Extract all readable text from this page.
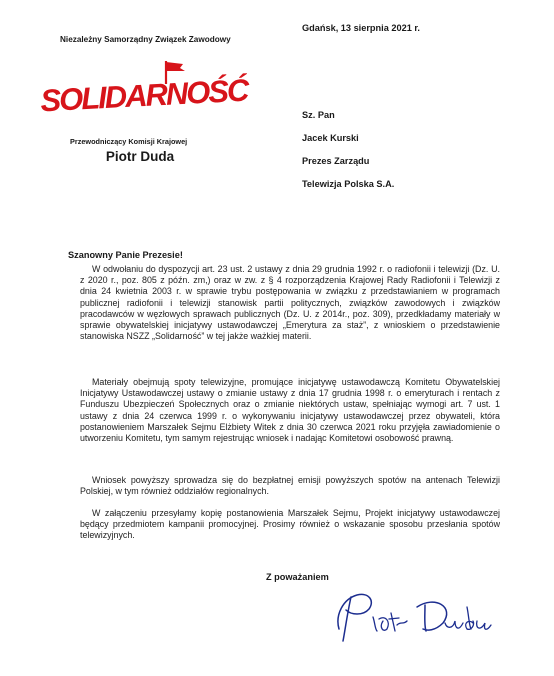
Niezależny Samorządny Związek Zawodowy
SOLIDARNOŚĆ
Przewodniczący Komisji Krajowej
Piotr Duda
Gdańsk, 13 sierpnia 2021 r.
Sz. Pan
Jacek Kurski
Prezes Zarządu
Telewizja Polska S.A.
Szanowny Panie Prezesie!
W odwołaniu do dyspozycji art. 23 ust. 2 ustawy z dnia 29 grudnia 1992 r. o radiofonii i telewizji (Dz. U. z 2020 r., poz. 805 z późn. zm,) oraz w zw. z § 4 rozporządzenia Krajowej Rady Radiofonii i Telewizji z dnia 24 kwietnia 2003 r. w sprawie trybu postępowania w związku z przedstawianiem w programach publicznej radiofonii i telewizji stanowisk partii politycznych, związków zawodowych i związków pracodawców w węzłowych sprawach publicznych (Dz. U. z 2014r., poz. 309), przedkładamy materiały w sprawie obywatelskiej inicjatywy ustawodawczej „Emerytura za staż”, z wnioskiem o przedstawienie stanowiska NSZZ „Solidarność” w tej jakże ważkiej materii.
Materiały obejmują spoty telewizyjne, promujące inicjatywę ustawodawczą Komitetu Obywatelskiej Inicjatywy Ustawodawczej ustawy o zmianie ustawy z dnia 17 grudnia 1998 r. o emeryturach i rentach z Funduszu Ubezpieczeń Społecznych oraz o zmianie niektórych ustaw, spełniając wymogi art. 7 ust. 1 ustawy z dnia 24 czerwca 1999 r. o wykonywaniu inicjatywy ustawodawczej przez obywateli, która postanowieniem Marszałek Sejmu Elżbiety Witek z dnia 30 czerwca 2021 roku przyjęła zawiadomienie o utworzeniu Komitetu, tym samym rejestrując wniosek i nadając Komitetowi osobowość prawną.
Wniosek powyższy sprowadza się do bezpłatnej emisji powyższych spotów na antenach Telewizji Polskiej, w tym również oddziałów regionalnych.
W załączeniu przesyłamy kopię postanowienia Marszałek Sejmu, Projekt inicjatywy ustawodawczej będący przedmiotem kampanii promocyjnej. Prosimy również o wskazanie sposobu przesłania spotów telewizyjnych.
Z poważaniem
